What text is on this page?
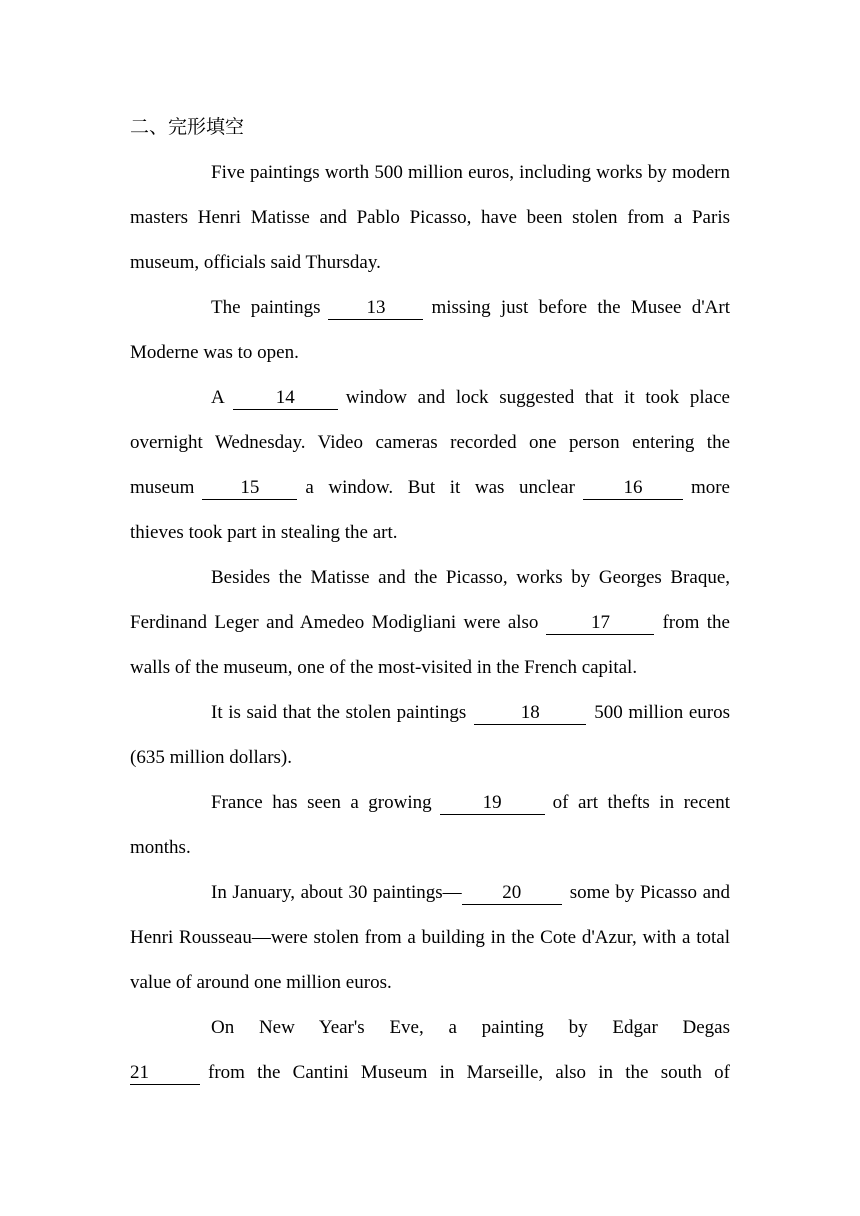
二、完形填空

Five paintings worth 500 million euros, including works by modern masters Henri Matisse and Pablo Picasso, have been stolen from a Paris museum, officials said Thursday.

The paintings 13 missing just before the Musee d'Art Moderne was to open.

A	14	window and lock suggested that it took place overnight Wednesday. Video cameras recorded one person entering the museum 15 a window. But it was unclear	16	more thieves took part in stealing the art.

Besides the Matisse and the Picasso, works by Georges Braque, Ferdinand Leger and Amedeo Modigliani were also	17	from the walls of the museum, one of the most-visited in the French capital.

It is said that the stolen paintings	18	500 million euros (635 million dollars).

France has seen a growing	19	of art thefts in recent months.

In January, about 30 paintings— 20	some by Picasso and Henri Rousseau—were stolen from a building in the Cote d'Azur, with a total value of around one million euros.

On New Year's Eve, a painting by Edgar Degas

21	from the Cantini Museum in Marseille, also in the south of
